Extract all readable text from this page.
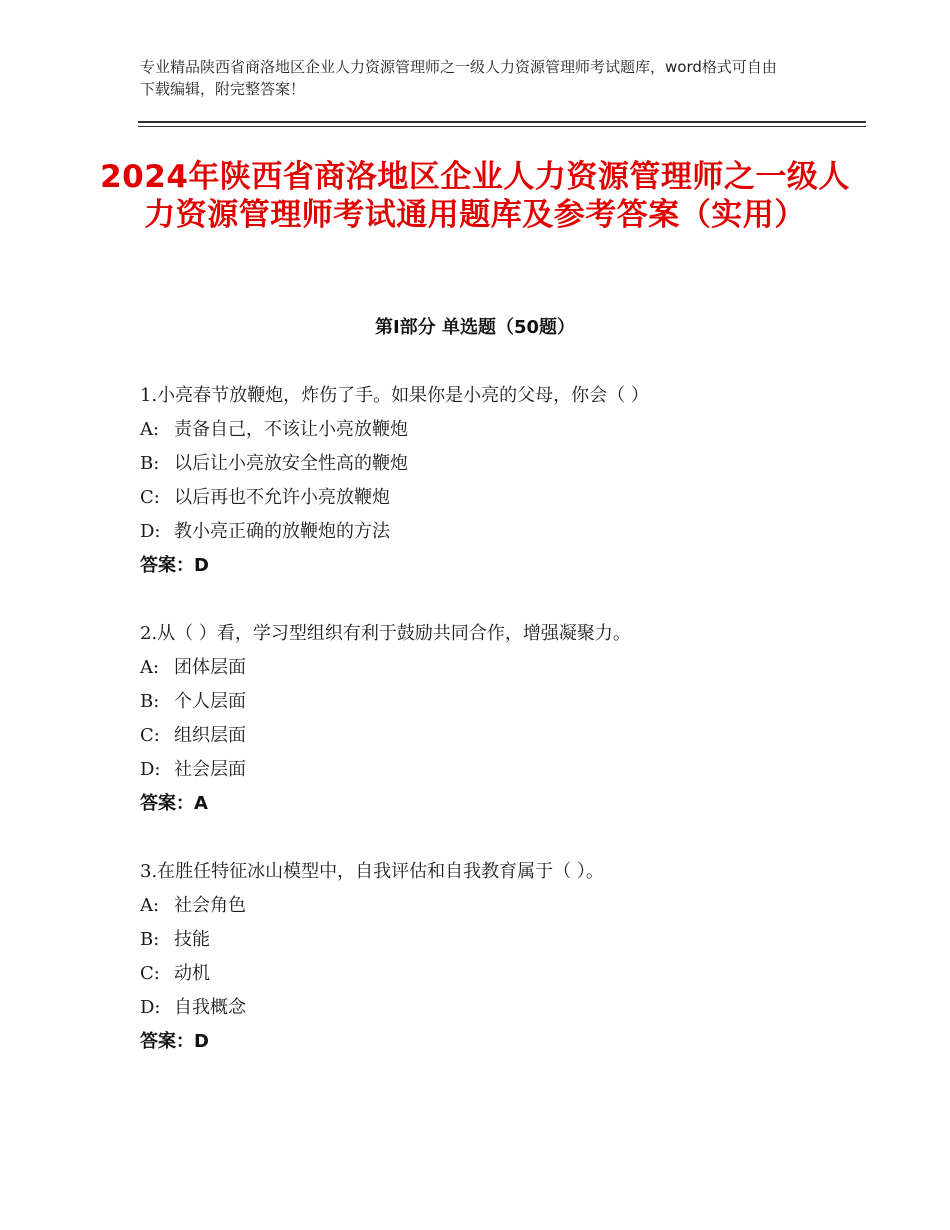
专业精品陕西省商洛地区企业人力资源管理师之一级人力资源管理师考试题库，word格式可自由下载编辑，附完整答案！
2024年陕西省商洛地区企业人力资源管理师之一级人力资源管理师考试通用题库及参考答案（实用）
第Ⅰ部分 单选题（50题）
1.小亮春节放鞭炮，炸伤了手。如果你是小亮的父母，你会（ ）
A: 责备自己，不该让小亮放鞭炮
B: 以后让小亮放安全性高的鞭炮
C: 以后再也不允许小亮放鞭炮
D: 教小亮正确的放鞭炮的方法
答案：D
2.从（ ）看，学习型组织有利于鼓励共同合作，增强凝聚力。
A: 团体层面
B: 个人层面
C: 组织层面
D: 社会层面
答案：A
3.在胜任特征冰山模型中，自我评估和自我教育属于（ ）。
A: 社会角色
B: 技能
C: 动机
D: 自我概念
答案：D
